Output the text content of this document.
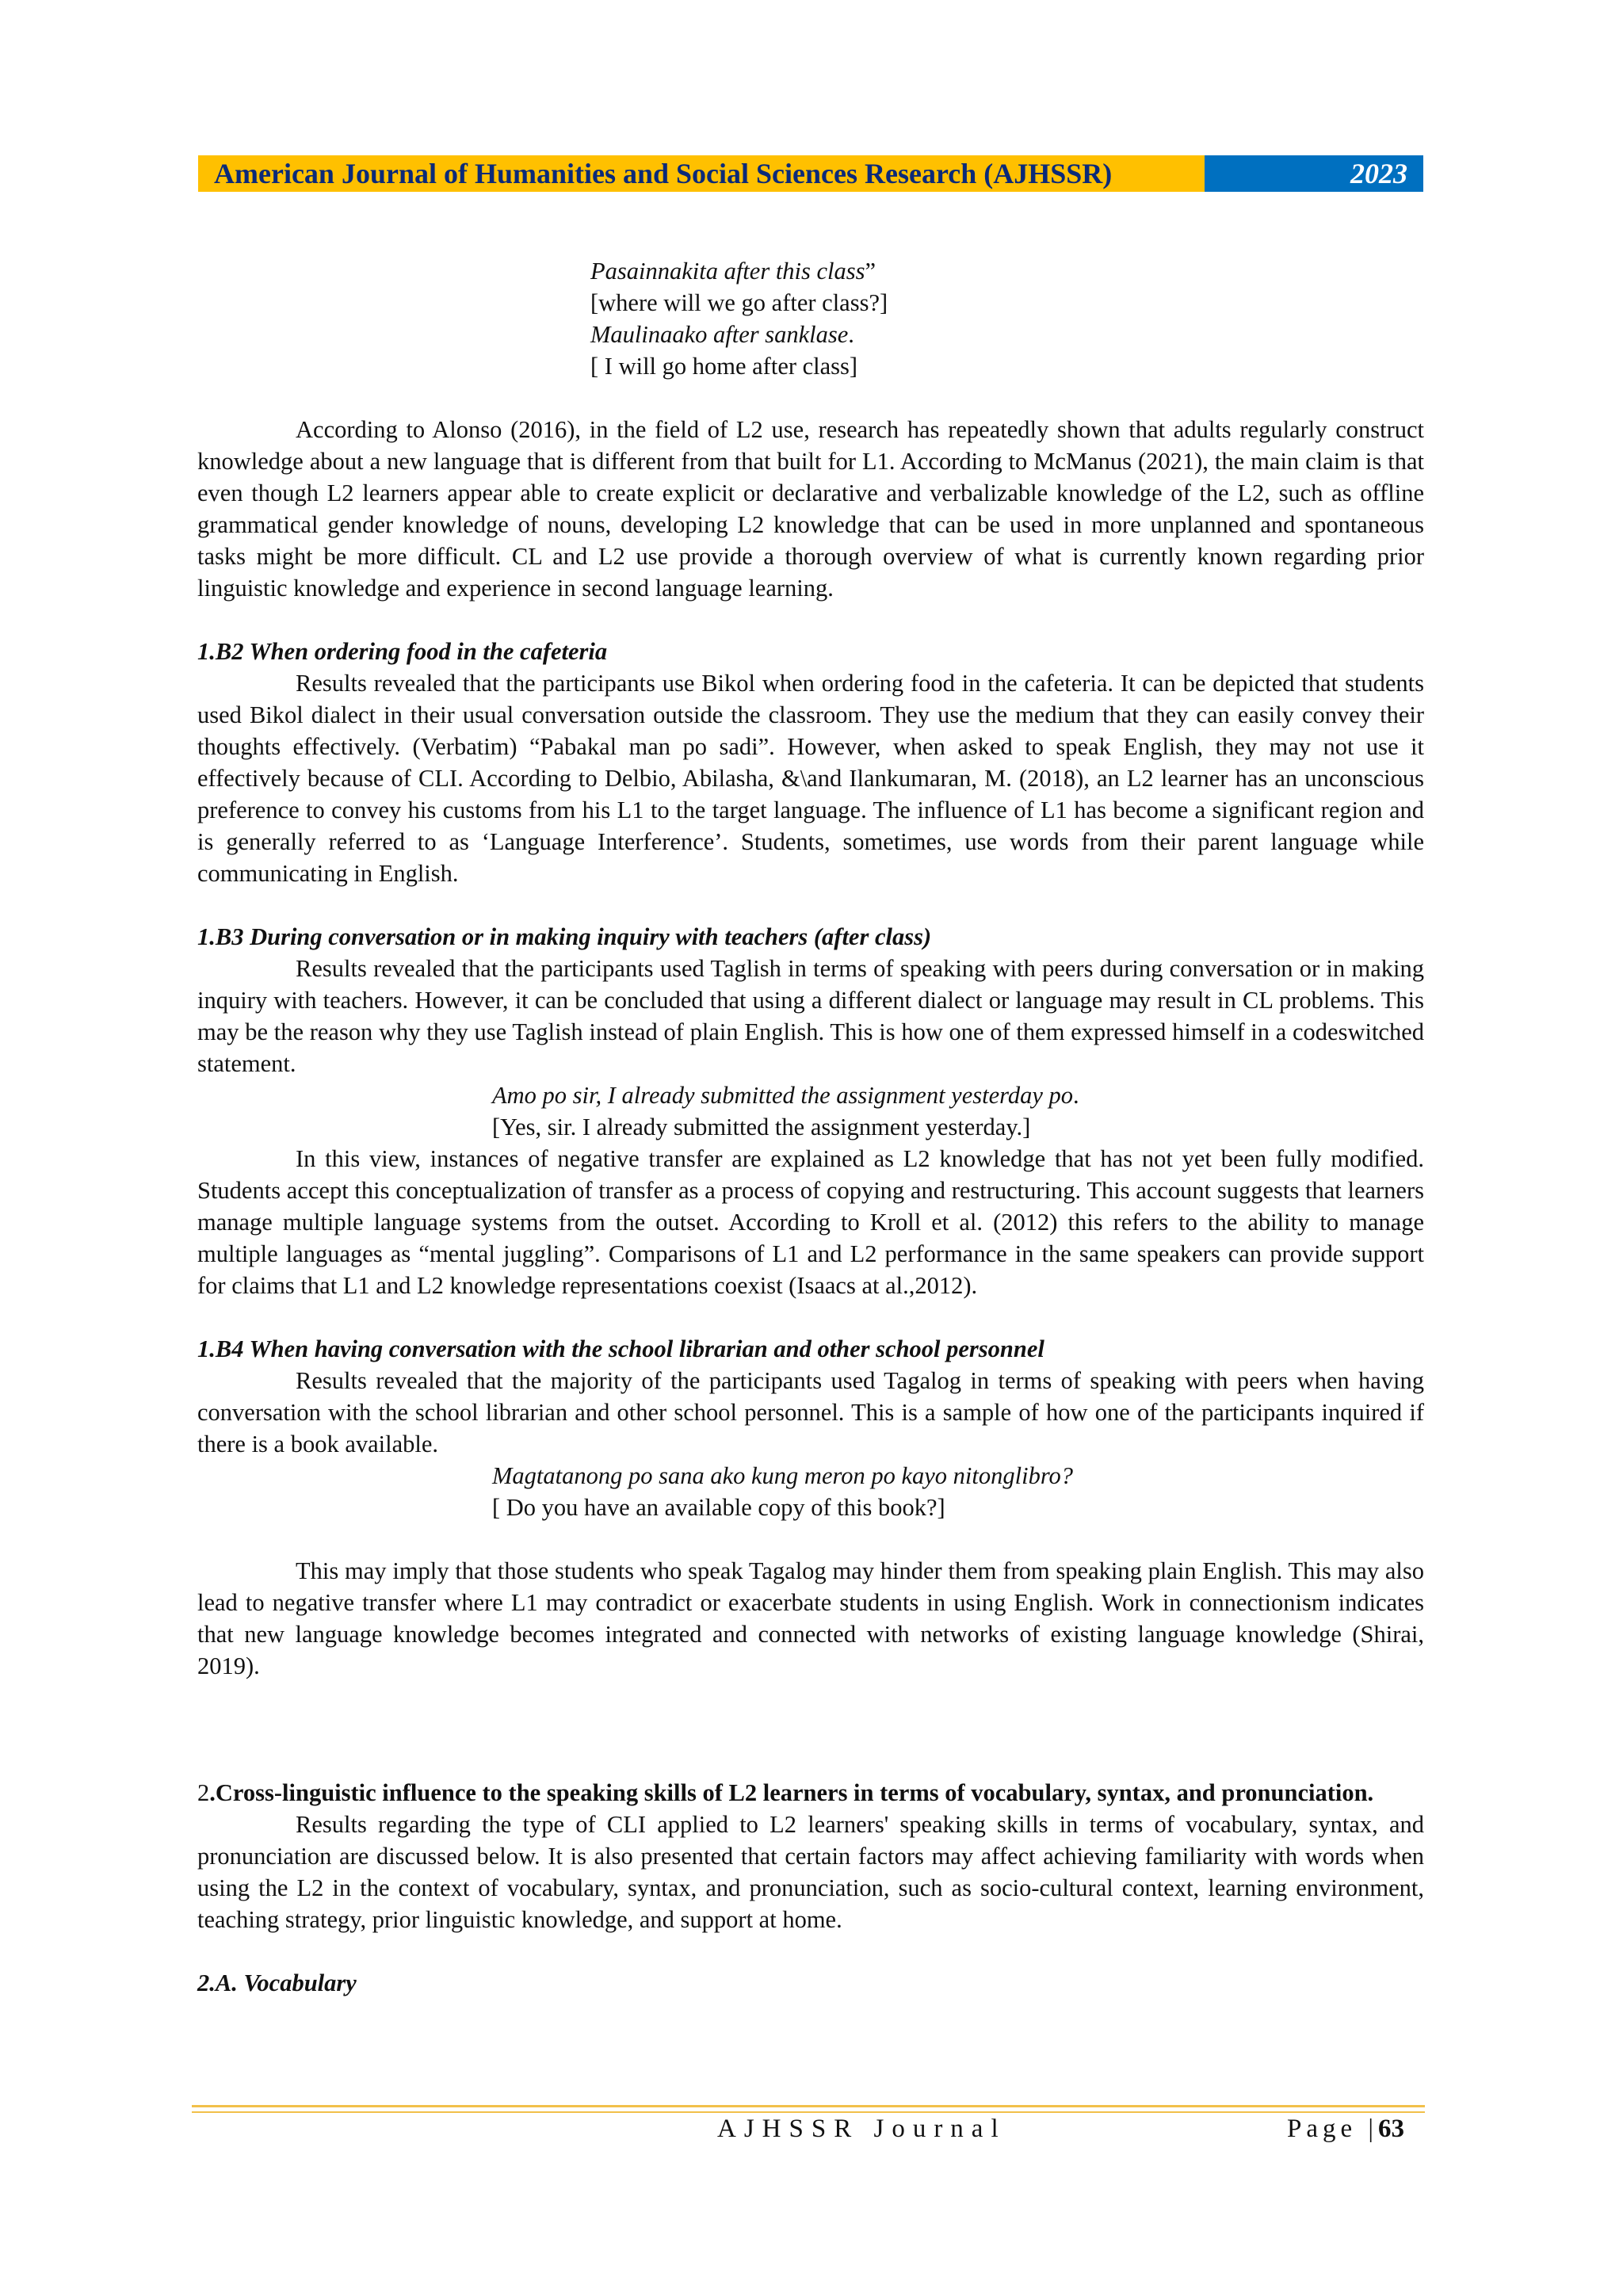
American Journal of Humanities and Social Sciences Research (AJHSSR)	2023
Pasainnakita after this class”
[where will we go after class?]
Maulinaako after sanklase.
[ I will go home after class]

According to Alonso (2016), in the field of L2 use, research has repeatedly shown that adults regularly construct knowledge about a new language that is different from that built for L1. According to McManus (2021), the main claim is that even though L2 learners appear able to create explicit or declarative and verbalizable knowledge of the L2, such as offline grammatical gender knowledge of nouns, developing L2 knowledge that can be used in more unplanned and spontaneous tasks might be more difficult. CL and L2 use provide a thorough overview of what is currently known regarding prior linguistic knowledge and experience in second language learning.

1.B2 When ordering food in the cafeteria

Results revealed that the participants use Bikol when ordering food in the cafeteria. It can be depicted that students used Bikol dialect in their usual conversation outside the classroom. They use the medium that they can easily convey their thoughts effectively. (Verbatim) “Pabakal man po sadi”. However, when asked to speak English, they may not use it effectively because of CLI. According to Delbio, Abilasha, &\and Ilankumaran, M. (2018), an L2 learner has an unconscious preference to convey his customs from his L1 to the target language. The influence of L1 has become a significant region and is generally referred to as ‘Language Interference’. Students, sometimes, use words from their parent language while communicating in English.

1.B3 During conversation or in making inquiry with teachers (after class)

Results revealed that the participants used Taglish in terms of speaking with peers during conversation or in making inquiry with teachers. However, it can be concluded that using a different dialect or language may result in CL problems. This may be the reason why they use Taglish instead of plain English. This is how one of them expressed himself in a codeswitched statement.

Amo po sir, I already submitted the assignment yesterday po.
[Yes, sir. I already submitted the assignment yesterday.]

In this view, instances of negative transfer are explained as L2 knowledge that has not yet been fully modified. Students accept this conceptualization of transfer as a process of copying and restructuring. This account suggests that learners manage multiple language systems from the outset. According to Kroll et al. (2012) this refers to the ability to manage multiple languages as “mental juggling”. Comparisons of L1 and L2 performance in the same speakers can provide support for claims that L1 and L2 knowledge representations coexist (Isaacs at al.,2012).

1.B4 When having conversation with the school librarian and other school personnel

Results revealed that the majority of the participants used Tagalog in terms of speaking with peers when having conversation with the school librarian and other school personnel. This is a sample of how one of the participants inquired if there is a book available.

Magtatanong po sana ako kung meron po kayo nitonglibro?
[ Do you have an available copy of this book?]

This may imply that those students who speak Tagalog may hinder them from speaking plain English. This may also lead to negative transfer where L1 may contradict or exacerbate students in using English. Work in connectionism indicates that new language knowledge becomes integrated and connected with networks of existing language knowledge (Shirai, 2019).

2.Cross-linguistic influence to the speaking skills of L2 learners in terms of vocabulary, syntax, and pronunciation.

Results regarding the type of CLI applied to L2 learners' speaking skills in terms of vocabulary, syntax, and pronunciation are discussed below. It is also presented that certain factors may affect achieving familiarity with words when using the L2 in the context of vocabulary, syntax, and pronunciation, such as socio-cultural context, learning environment, teaching strategy, prior linguistic knowledge, and support at home.

2.A. Vocabulary
AJHSSR Journal	Page |63
